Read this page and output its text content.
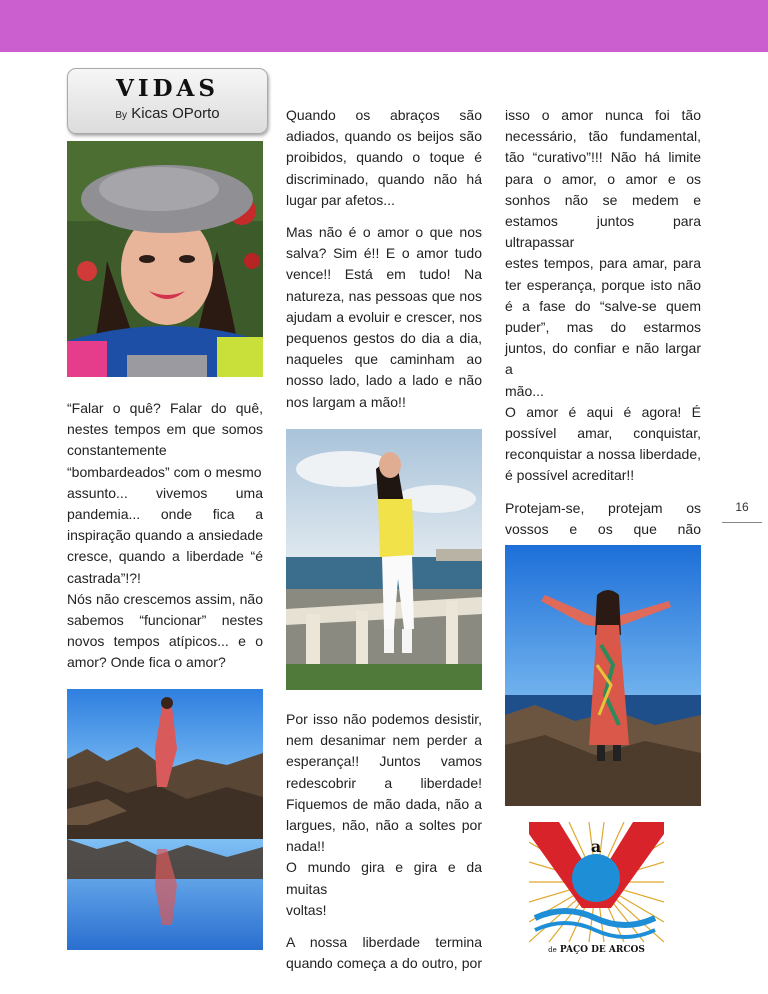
VIDAS
By Kicas OPorto

“Falar o quê? Falar do quê,

nestes tempos em que somos

constantemente

“bombardeados” com o mesmo

assunto... vivemos uma

pandemia... onde fica a

inspiração quando a ansiedade

cresce, quando a liberdade “é

castrada”!?!

Nós não crescemos assim, não

sabemos “funcionar” nestes

novos tempos atípicos... e o

amor? Onde fica o amor?

Quando os abraços são

adiados, quando os beijos são

proibidos, quando o toque é

discriminado, quando não há

lugar par afetos...

Mas não é o amor o que nos

salva? Sim é!! E o amor tudo

vence!! Está em tudo! Na

natureza, nas pessoas que nos

ajudam a evoluir e crescer, nos

pequenos gestos do dia a dia,

naqueles que caminham ao

nosso lado, lado a lado e não

nos largam a mão!!

Por isso não podemos desistir,

nem desanimar nem perder a

esperança!! Juntos vamos

redescobrir a liberdade!

Fiquemos de mão dada, não a

largues, não, não a soltes por

nada!!

O mundo gira e gira e da muitas

voltas!

A nossa liberdade termina

quando começa a do outro, por

isso o amor nunca foi tão

necessário, tão fundamental,

tão “curativo”!!! Não há limite

para o amor, o amor e os

sonhos não se medem e

estamos juntos para ultrapassar

estes tempos, para amar, para

ter esperança, porque isto não

é a fase do “salve-se quem

puder”, mas do estarmos

juntos, do confiar e não largar a

mão...

O amor é aqui é agora! É

possível amar, conquistar,

reconquistar a nossa liberdade,

é possível acreditar!!

Protejam-se, protejam os

vossos e os que não

16
a
de PAÇO DE ARCOS
